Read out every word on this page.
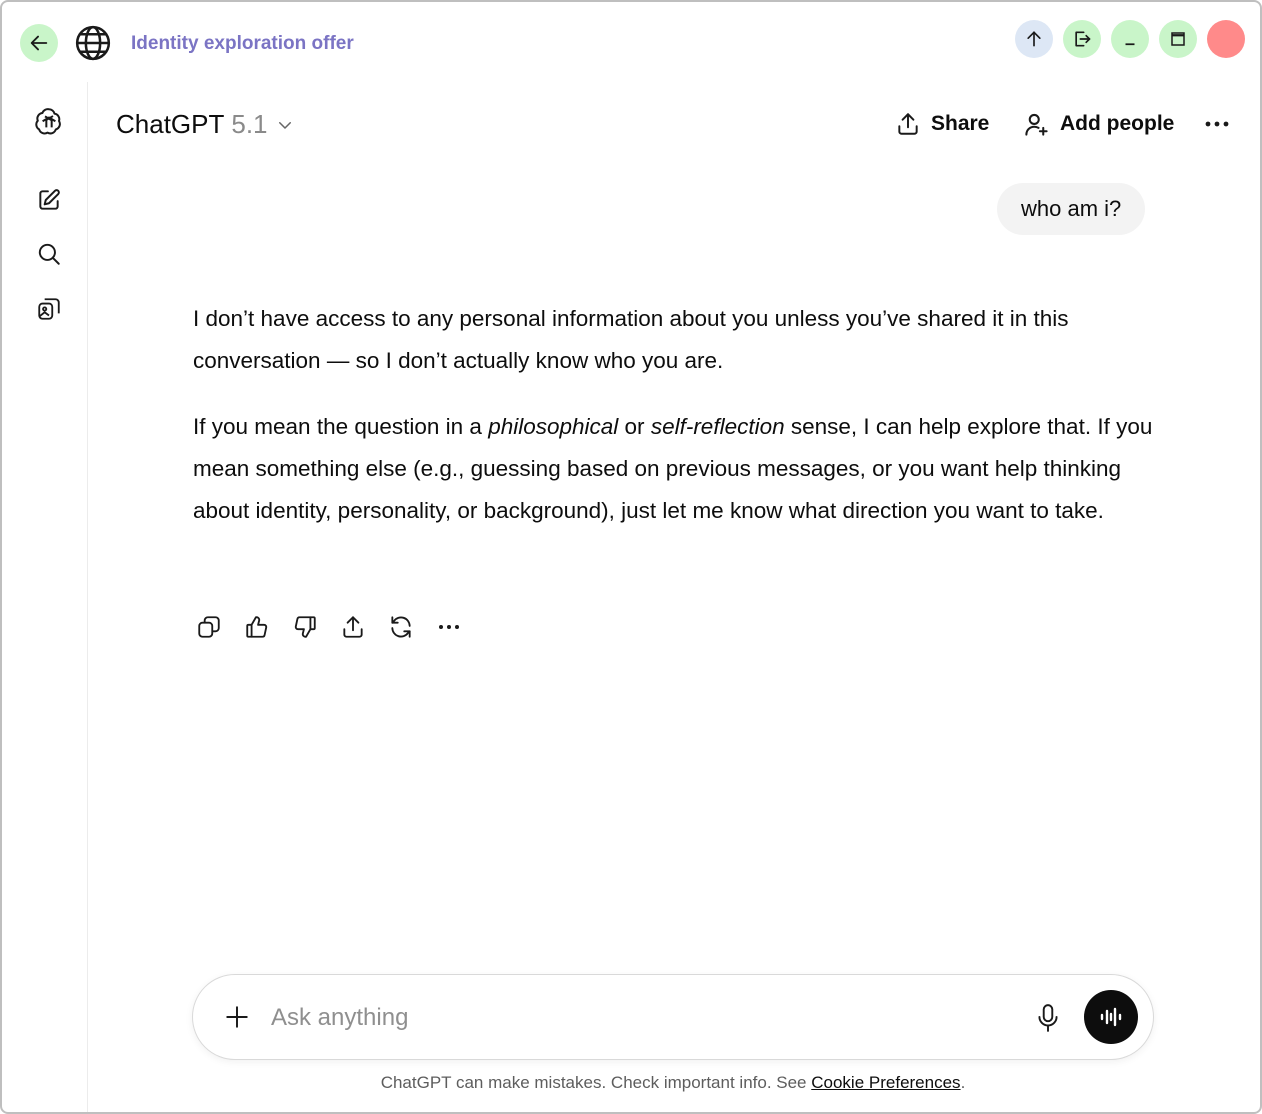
Identity exploration offer
ChatGPT 5.1	Share	Add people
who am i?

I don’t have access to any personal information about you unless you’ve shared it in this conversation — so I don’t actually know who you are.

If you mean the question in a philosophical or self-reflection sense, I can help explore that. If you mean something else (e.g., guessing based on previous messages, or you want help thinking about identity, personality, or background), just let me know what direction you want to take.

Ask anything
ChatGPT can make mistakes. Check important info. See Cookie Preferences.
